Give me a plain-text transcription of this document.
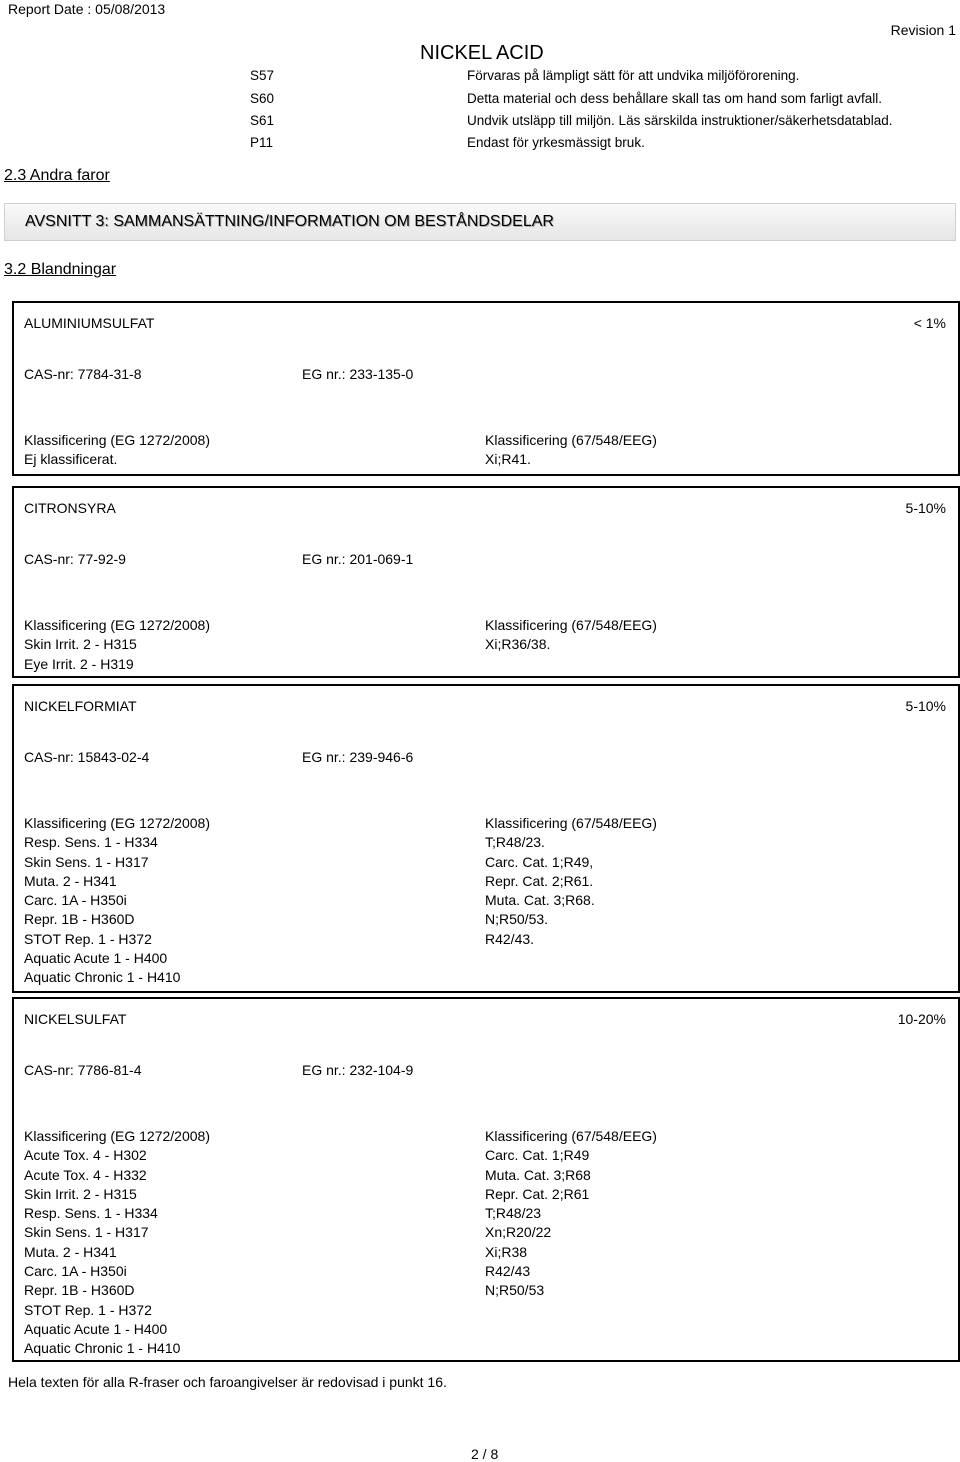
Report Date : 05/08/2013
Revision 1
NICKEL ACID
S57	Förvaras på lämpligt sätt för att undvika miljöförorening.
S60	Detta material och dess behållare skall tas om hand som farligt avfall.
S61	Undvik utsläpp till miljön. Läs särskilda instruktioner/säkerhetsdatablad.
P11	Endast för yrkesmässigt bruk.
2.3 Andra faror
AVSNITT 3: SAMMANSÄTTNING/INFORMATION OM BESTÅNDSDELAR
3.2 Blandningar
ALUMINIUMSULFAT	< 1%
CAS-nr: 7784-31-8	EG nr.: 233-135-0
Klassificering (EG 1272/2008)
Ej klassificerat.
Klassificering (67/548/EEG)
Xi;R41.
CITRONSYRA	5-10%
CAS-nr: 77-92-9	EG nr.: 201-069-1
Klassificering (EG 1272/2008)
Skin Irrit. 2 - H315
Eye Irrit. 2 - H319
Klassificering (67/548/EEG)
Xi;R36/38.
NICKELFORMIAT	5-10%
CAS-nr: 15843-02-4	EG nr.: 239-946-6
Klassificering (EG 1272/2008)
Resp. Sens. 1 - H334
Skin Sens. 1 - H317
Muta. 2 - H341
Carc. 1A - H350i
Repr. 1B - H360D
STOT Rep. 1 - H372
Aquatic Acute 1 - H400
Aquatic Chronic 1 - H410
Klassificering (67/548/EEG)
T;R48/23.
Carc. Cat. 1;R49,
Repr. Cat. 2;R61.
Muta. Cat. 3;R68.
N;R50/53.
R42/43.
NICKELSULFAT	10-20%
CAS-nr: 7786-81-4	EG nr.: 232-104-9
Klassificering (EG 1272/2008)
Acute Tox. 4 - H302
Acute Tox. 4 - H332
Skin Irrit. 2 - H315
Resp. Sens. 1 - H334
Skin Sens. 1 - H317
Muta. 2 - H341
Carc. 1A - H350i
Repr. 1B - H360D
STOT Rep. 1 - H372
Aquatic Acute 1 - H400
Aquatic Chronic 1 - H410
Klassificering (67/548/EEG)
Carc. Cat. 1;R49
Muta. Cat. 3;R68
Repr. Cat. 2;R61
T;R48/23
Xn;R20/22
Xi;R38
R42/43
N;R50/53
Hela texten för alla R-fraser och faroangivelser är redovisad i punkt 16.
2 / 8
